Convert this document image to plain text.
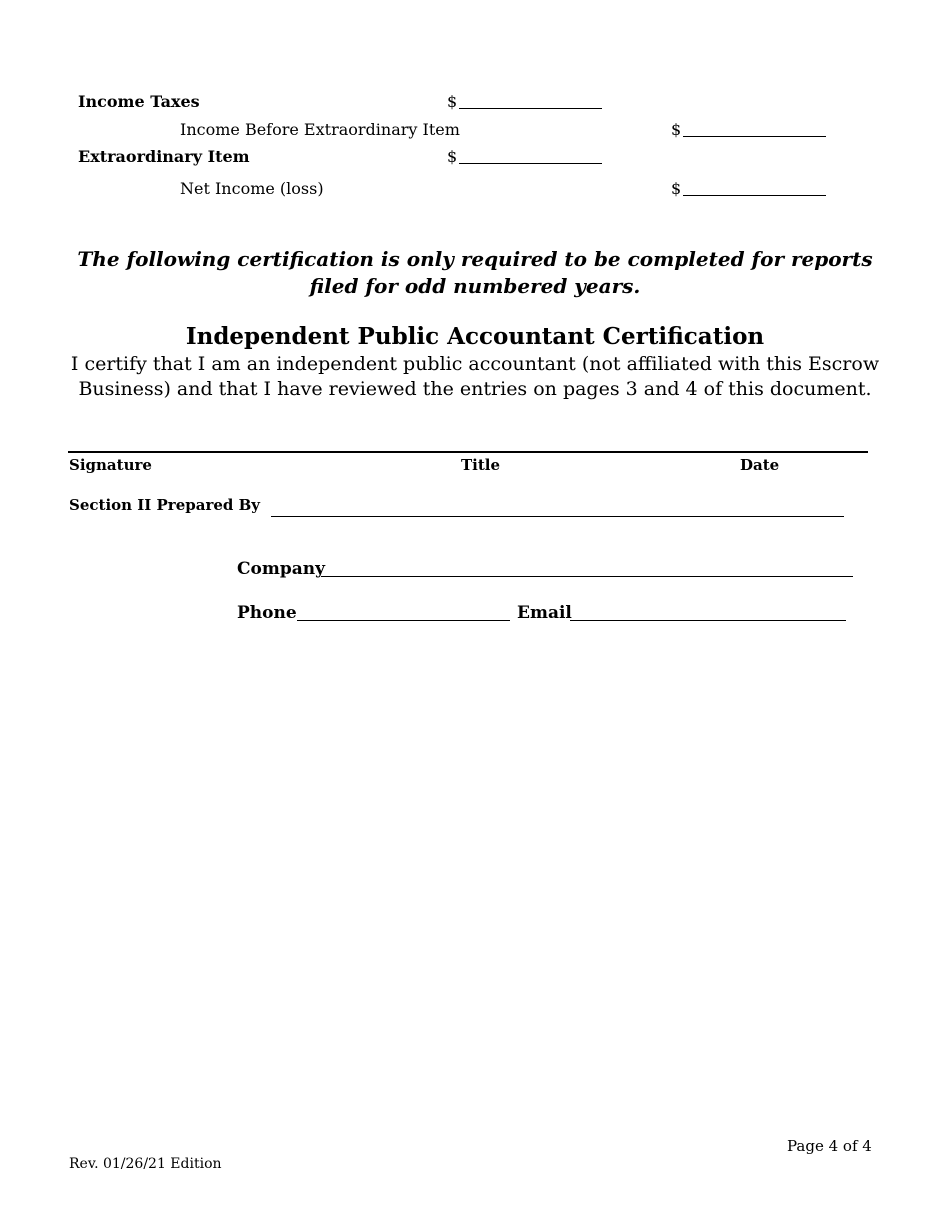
Income Taxes	$
Income Before Extraordinary Item	$
Extraordinary Item	$
Net Income (loss)	$
The following certification is only required to be completed for reports filed for odd numbered years.
Independent Public Accountant Certification
I certify that I am an independent public accountant (not affiliated with this Escrow Business) and that I have reviewed the entries on pages 3 and 4 of this document.
Signature	Title	Date
Section II Prepared By
Company
Phone	Email
Page 4 of 4
Rev. 01/26/21 Edition
